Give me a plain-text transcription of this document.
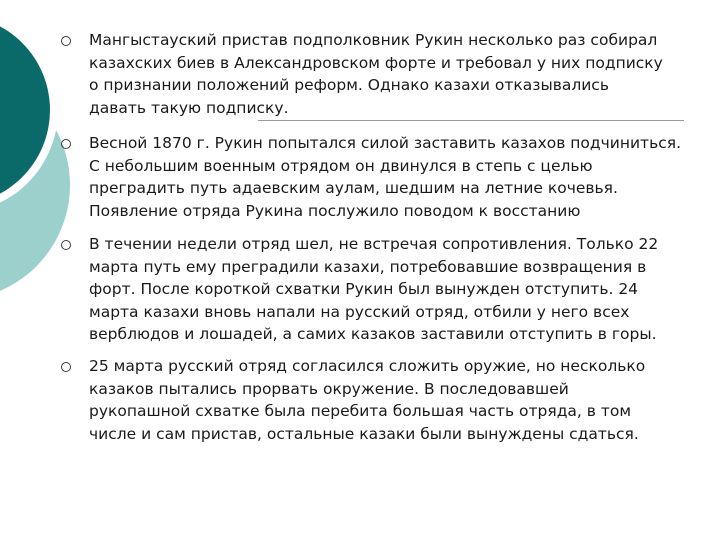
Мангыстауский пристав подполковник Рукин несколько раз собирал
казахских биев в Александровском форте и требовал у них подписку
о признании положений реформ. Однако казахи отказывались
давать такую подписку.

Весной 1870 г. Рукин попытался силой заставить казахов подчиниться.
С небольшим военным отрядом он двинулся в степь с целью
преградить путь адаевским аулам, шедшим на летние кочевья.
Появление отряда Рукина послужило поводом к восстанию

В течении недели отряд шел, не встречая сопротивления. Только 22
марта путь ему преградили казахи, потребовавшие возвращения в
форт. После короткой схватки Рукин был вынужден отступить. 24
марта казахи вновь напали на русский отряд, отбили у него всех
верблюдов и лошадей, а самих казаков заставили отступить в горы.

25 марта русский отряд согласился сложить оружие, но несколько
казаков пытались прорвать окружение. В последовавшей
рукопашной схватке была перебита большая часть отряда, в том
числе и сам пристав, остальные казаки были вынуждены сдаться.
